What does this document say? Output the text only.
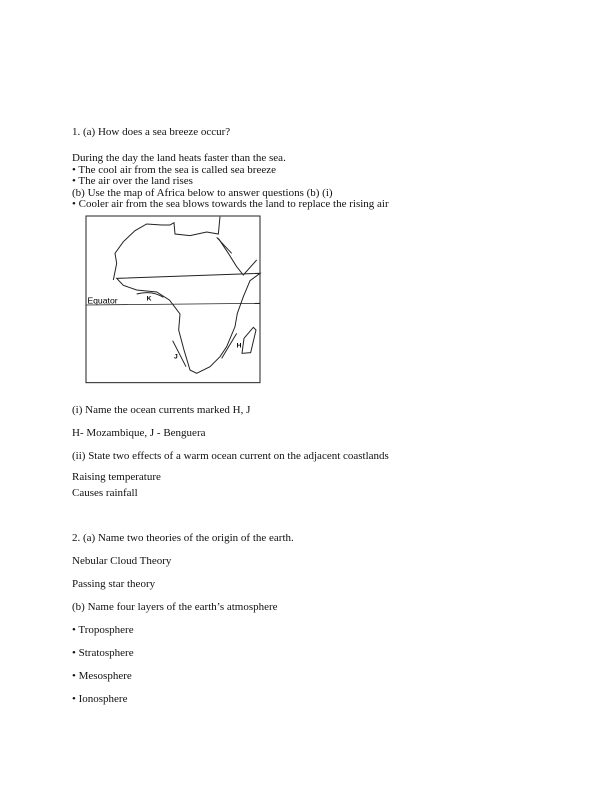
1. (a) How does a sea breeze occur?
During the day the land heats faster than the sea.
• The air over the land rises
• Cooler air from the sea blows towards the land to replace the rising air
• The cool air from the sea is called sea breeze
(b) Use the map of Africa below to answer questions (b) (i)
Equator K
H
J
(i) Name the ocean currents marked H, J
H- Mozambique, J - Benguera
(ii) State two effects of a warm ocean current on the adjacent coastlands
Raising temperature
Causes rainfall
2. (a) Name two theories of the origin of the earth.
Nebular Cloud Theory
Passing star theory
(b) Name four layers of the earth’s atmosphere
• Troposphere
• Stratosphere
• Mesosphere
• Ionosphere
